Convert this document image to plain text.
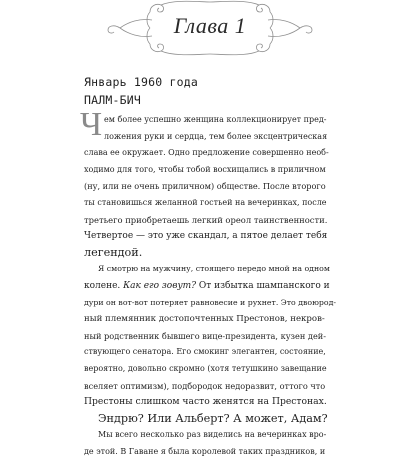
Глава 1
Январь 1960 года
ПАЛМ-БИЧ
Ч ем более успешно женщина коллекционирует пред-
ложения руки и сердца, тем более эксцентрическая
слава ее окружает. Одно предложение совершенно необ-
ходимо для того, чтобы тобой восхищались в приличном
(ну, или не очень приличном) обществе. После второго
ты становишься желанной гостьей на вечеринках, после
третьего приобретаешь легкий ореол таинственности.
Четвертое — это уже скандал, а пятое делает тебя
легендой.
Я смотрю на мужчину, стоящего передо мной на одном
колене. Как его зовут? От избытка шампанского и
дури он вот-вот потеряет равновесие и рухнет. Это двоюрод-
ный племянник достопочтенных Престонов, некров-
ный родственник бывшего вице-президента, кузен дей-
ствующего сенатора. Его смокинг элегантен, состояние,
вероятно, довольно скромно (хотя тетушкино завещание
вселяет оптимизм), подбородок недоразвит, оттого что
Престоны слишком часто женятся на Престонах.
Эндрю? Или Альберт? А может, Адам?
Мы всего несколько раз виделись на вечеринках вро-
де этой. В Гаване я была королевой таких праздников, и
